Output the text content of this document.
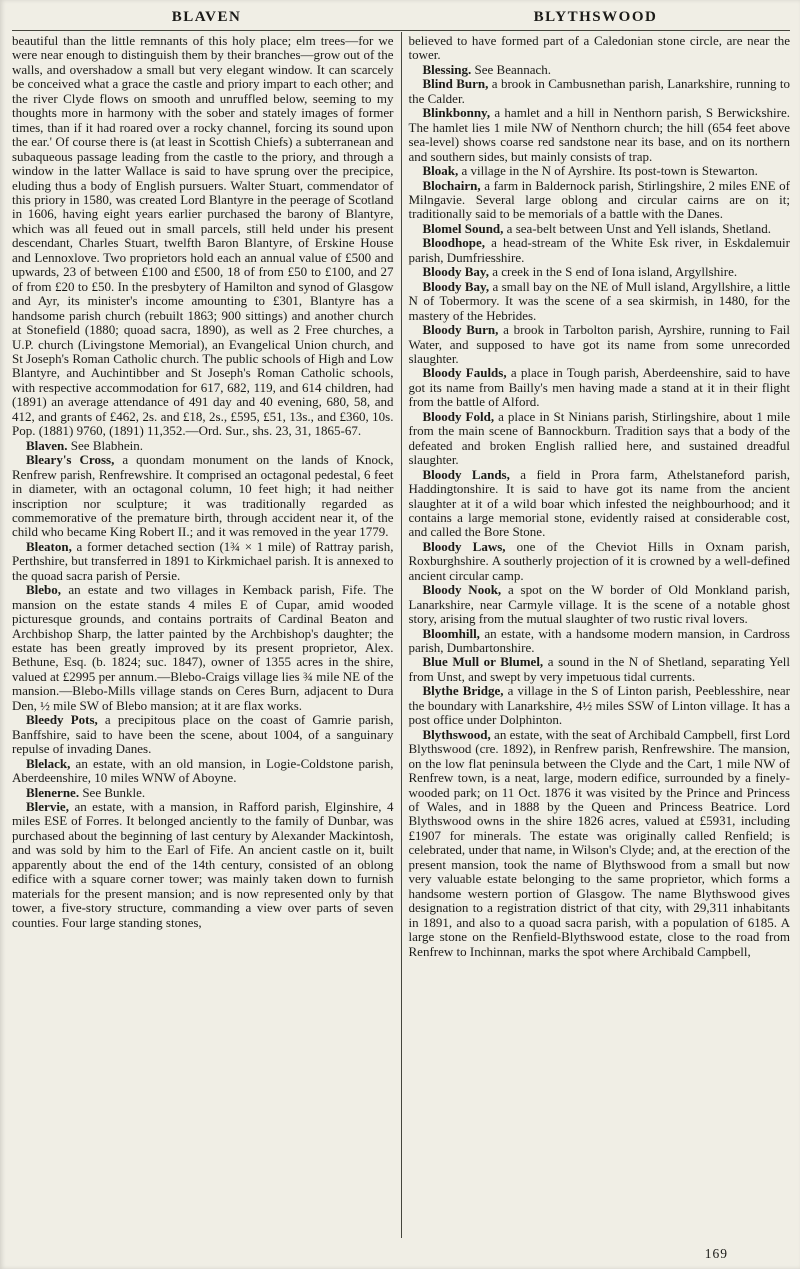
BLAVEN	BLYTHSWOOD

beautiful than the little remnants of this holy place; elm trees—for we were near enough to distinguish them by their branches—grow out of the walls, and overshadow a small but very elegant window. It can scarcely be conceived what a grace the castle and priory impart to each other; and the river Clyde flows on smooth and unruffled below, seeming to my thoughts more in harmony with the sober and stately images of former times, than if it had roared over a rocky channel, forcing its sound upon the ear.' Of course there is (at least in Scottish Chiefs) a subterranean and subaqueous passage leading from the castle to the priory, and through a window in the latter Wallace is said to have sprung over the precipice, eluding thus a body of English pursuers. Walter Stuart, commendator of this priory in 1580, was created Lord Blantyre in the peerage of Scotland in 1606, having eight years earlier purchased the barony of Blantyre, which was all feued out in small parcels, still held under his present descendant, Charles Stuart, twelfth Baron Blantyre, of Erskine House and Lennoxlove. Two proprietors hold each an annual value of £500 and upwards, 23 of between £100 and £500, 18 of from £50 to £100, and 27 of from £20 to £50. In the presbytery of Hamilton and synod of Glasgow and Ayr, its minister's income amounting to £301, Blantyre has a handsome parish church (rebuilt 1863; 900 sittings) and another church at Stonefield (1880; quoad sacra, 1890), as well as 2 Free churches, a U.P. church (Livingstone Memorial), an Evangelical Union church, and St Joseph's Roman Catholic church. The public schools of High and Low Blantyre, and Auchintibber and St Joseph's Roman Catholic schools, with respective accommodation for 617, 682, 119, and 614 children, had (1891) an average attendance of 491 day and 40 evening, 680, 58, and 412, and grants of £462, 2s. and £18, 2s., £595, £51, 13s., and £360, 10s. Pop. (1881) 9760, (1891) 11,352.—Ord. Sur., shs. 23, 31, 1865-67.

Blaven. See Blabhein.

Bleary's Cross, a quondam monument on the lands of Knock, Renfrew parish, Renfrewshire. It comprised an octagonal pedestal, 6 feet in diameter, with an octagonal column, 10 feet high; it had neither inscription nor sculpture; it was traditionally regarded as commemorative of the premature birth, through accident near it, of the child who became King Robert II.; and it was removed in the year 1779.

Bleaton, a former detached section (1¾ × 1 mile) of Rattray parish, Perthshire, but transferred in 1891 to Kirkmichael parish. It is annexed to the quoad sacra parish of Persie.

Blebo, an estate and two villages in Kemback parish, Fife. The mansion on the estate stands 4 miles E of Cupar, amid wooded picturesque grounds, and contains portraits of Cardinal Beaton and Archbishop Sharp, the latter painted by the Archbishop's daughter; the estate has been greatly improved by its present proprietor, Alex. Bethune, Esq. (b. 1824; suc. 1847), owner of 1355 acres in the shire, valued at £2995 per annum.—Blebo-Craigs village lies ¾ mile NE of the mansion.—Blebo-Mills village stands on Ceres Burn, adjacent to Dura Den, ½ mile SW of Blebo mansion; at it are flax works.

Bleedy Pots, a precipitous place on the coast of Gamrie parish, Banffshire, said to have been the scene, about 1004, of a sanguinary repulse of invading Danes.

Blelack, an estate, with an old mansion, in Logie-Coldstone parish, Aberdeenshire, 10 miles WNW of Aboyne.

Blenerne. See Bunkle.

Blervie, an estate, with a mansion, in Rafford parish, Elginshire, 4 miles ESE of Forres. It belonged anciently to the family of Dunbar, was purchased about the beginning of last century by Alexander Mackintosh, and was sold by him to the Earl of Fife. An ancient castle on it, built apparently about the end of the 14th century, consisted of an oblong edifice with a square corner tower; was mainly taken down to furnish materials for the present mansion; and is now represented only by that tower, a five-story structure, commanding a view over parts of seven counties. Four large standing stones,

believed to have formed part of a Caledonian stone circle, are near the tower.

Blessing. See Beannach.

Blind Burn, a brook in Cambusnethan parish, Lanarkshire, running to the Calder.

Blinkbonny, a hamlet and a hill in Nenthorn parish, S Berwickshire. The hamlet lies 1 mile NW of Nenthorn church; the hill (654 feet above sea-level) shows coarse red sandstone near its base, and on its northern and southern sides, but mainly consists of trap.

Bloak, a village in the N of Ayrshire. Its post-town is Stewarton.

Blochairn, a farm in Baldernock parish, Stirlingshire, 2 miles ENE of Milngavie. Several large oblong and circular cairns are on it; traditionally said to be memorials of a battle with the Danes.

Blomel Sound, a sea-belt between Unst and Yell islands, Shetland.

Bloodhope, a head-stream of the White Esk river, in Eskdalemuir parish, Dumfriesshire.

Bloody Bay, a creek in the S end of Iona island, Argyllshire.

Bloody Bay, a small bay on the NE of Mull island, Argyllshire, a little N of Tobermory. It was the scene of a sea skirmish, in 1480, for the mastery of the Hebrides.

Bloody Burn, a brook in Tarbolton parish, Ayrshire, running to Fail Water, and supposed to have got its name from some unrecorded slaughter.

Bloody Faulds, a place in Tough parish, Aberdeenshire, said to have got its name from Bailly's men having made a stand at it in their flight from the battle of Alford.

Bloody Fold, a place in St Ninians parish, Stirlingshire, about 1 mile from the main scene of Bannockburn. Tradition says that a body of the defeated and broken English rallied here, and sustained dreadful slaughter.

Bloody Lands, a field in Prora farm, Athelstaneford parish, Haddingtonshire. It is said to have got its name from the ancient slaughter at it of a wild boar which infested the neighbourhood; and it contains a large memorial stone, evidently raised at considerable cost, and called the Bore Stone.

Bloody Laws, one of the Cheviot Hills in Oxnam parish, Roxburghshire. A southerly projection of it is crowned by a well-defined ancient circular camp.

Bloody Nook, a spot on the W border of Old Monkland parish, Lanarkshire, near Carmyle village. It is the scene of a notable ghost story, arising from the mutual slaughter of two rustic rival lovers.

Bloomhill, an estate, with a handsome modern mansion, in Cardross parish, Dumbartonshire.

Blue Mull or Blumel, a sound in the N of Shetland, separating Yell from Unst, and swept by very impetuous tidal currents.

Blythe Bridge, a village in the S of Linton parish, Peeblesshire, near the boundary with Lanarkshire, 4½ miles SSW of Linton village. It has a post office under Dolphinton.

Blythswood, an estate, with the seat of Archibald Campbell, first Lord Blythswood (cre. 1892), in Renfrew parish, Renfrewshire. The mansion, on the low flat peninsula between the Clyde and the Cart, 1 mile NW of Renfrew town, is a neat, large, modern edifice, surrounded by a finely-wooded park; on 11 Oct. 1876 it was visited by the Prince and Princess of Wales, and in 1888 by the Queen and Princess Beatrice. Lord Blythswood owns in the shire 1826 acres, valued at £5931, including £1907 for minerals. The estate was originally called Renfield; is celebrated, under that name, in Wilson's Clyde; and, at the erection of the present mansion, took the name of Blythswood from a small but now very valuable estate belonging to the same proprietor, which forms a handsome western portion of Glasgow. The name Blythswood gives designation to a registration district of that city, with 29,311 inhabitants in 1891, and also to a quoad sacra parish, with a population of 6185. A large stone on the Renfield-Blythswood estate, close to the road from Renfrew to Inchinnan, marks the spot where Archibald Campbell,

169
